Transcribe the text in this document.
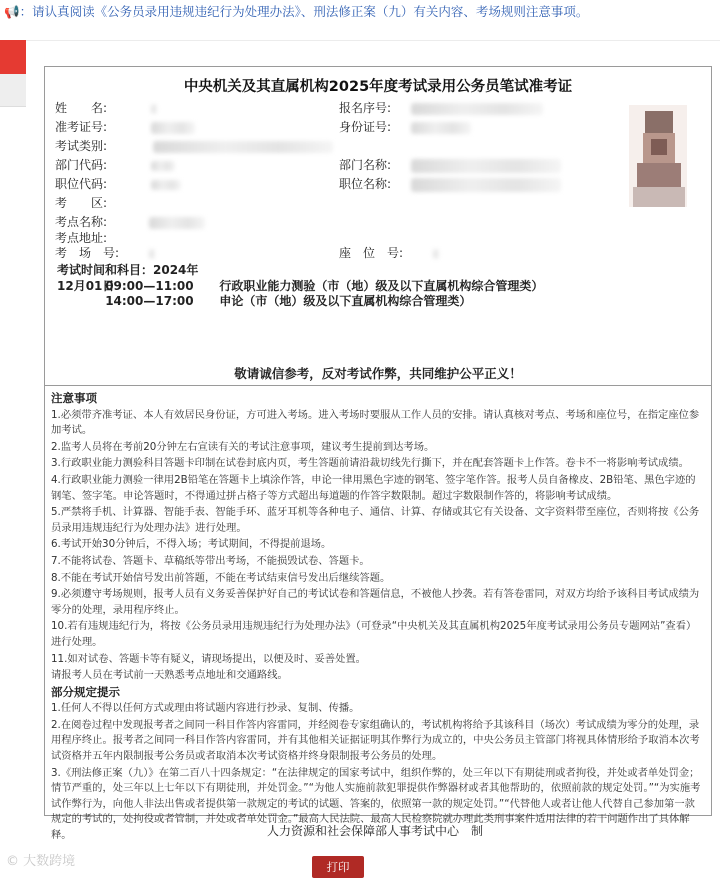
📢：请认真阅读《公务员录用违规违纪行为处理办法》、刑法修正案（九）有关内容、考场规则注意事项。
中央机关及其直属机构2025年度考试录用公务员笔试准考证
姓　　名:
准考证号:
考试类别:
部门代码:
职位代码:
考　　区:
考点名称:
考点地址:
考　场　号:
报名序号:
身份证号:
部门名称:
职位名称:
座　位　号:
考试时间和科目：2024年
12月01日 09:00—11:00 行政职业能力测验（市（地）级及以下直属机构综合管理类）
14:00—17:00 申论（市（地）级及以下直属机构综合管理类）
敬请诚信参考，反对考试作弊，共同维护公平正义！

注意事项

1.必须带齐准考证、本人有效居民身份证，方可进入考场。进入考场时要服从工作人员的安排。请认真核对考点、考场和座位号，在指定座位参加考试。

2.监考人员将在考前20分钟左右宣读有关的考试注意事项，建议考生提前到达考场。

3.行政职业能力测验科目答题卡印制在试卷封底内页，考生答题前请沿裁切线先行撕下，并在配套答题卡上作答。卷卡不一将影响考试成绩。

4.行政职业能力测验一律用2B铅笔在答题卡上填涂作答，申论一律用黑色字迹的钢笔、签字笔作答。报考人员自备橡皮、2B铅笔、黑色字迹的钢笔、签字笔。申论答题时，不得通过拼占格子等方式超出每道题的作答字数限制。超过字数限制作答的，将影响考试成绩。

5.严禁将手机、计算器、智能手表、智能手环、蓝牙耳机等各种电子、通信、计算、存储或其它有关设备、文字资料带至座位，否则将按《公务员录用违规违纪行为处理办法》进行处理。

6.考试开始30分钟后，不得入场；考试期间，不得提前退场。

7.不能将试卷、答题卡、草稿纸等带出考场，不能损毁试卷、答题卡。

8.不能在考试开始信号发出前答题，不能在考试结束信号发出后继续答题。

9.必须遵守考场规则，报考人员有义务妥善保护好自己的考试试卷和答题信息，不被他人抄袭。若有答卷雷同，对双方均给予该科目考试成绩为零分的处理，录用程序终止。

10.若有违规违纪行为，将按《公务员录用违规违纪行为处理办法》（可登录“中央机关及其直属机构2025年度考试录用公务员专题网站”查看）进行处理。

11.如对试卷、答题卡等有疑义，请现场提出，以便及时、妥善处置。

请报考人员在考试前一天熟悉考点地址和交通路线。

部分规定提示

1.任何人不得以任何方式或理由将试题内容进行抄录、复制、传播。

2.在阅卷过程中发现报考者之间同一科目作答内容雷同，并经阅卷专家组确认的，考试机构将给予其该科目（场次）考试成绩为零分的处理，录用程序终止。报考者之间同一科目作答内容雷同，并有其他相关证据证明其作弊行为成立的，中央公务员主管部门将视具体情形给予取消本次考试资格并五年内限制报考公务员或者取消本次考试资格并终身限制报考公务员的处理。

3.《刑法修正案（九）》在第二百八十四条规定：“在法律规定的国家考试中，组织作弊的，处三年以下有期徒刑或者拘役，并处或者单处罚金；情节严重的，处三年以上七年以下有期徒刑，并处罚金。”“为他人实施前款犯罪提供作弊器材或者其他帮助的，依照前款的规定处罚。”“为实施考试作弊行为，向他人非法出售或者提供第一款规定的考试的试题、答案的，依照第一款的规定处罚。”“代替他人或者让他人代替自己参加第一款规定的考试的，处拘役或者管制，并处或者单处罚金。”最高人民法院、最高人民检察院就办理此类刑事案件适用法律的若干问题作出了具体解释。	人力资源和社会保障部人事考试中心　制
© 大数跨境	打印
